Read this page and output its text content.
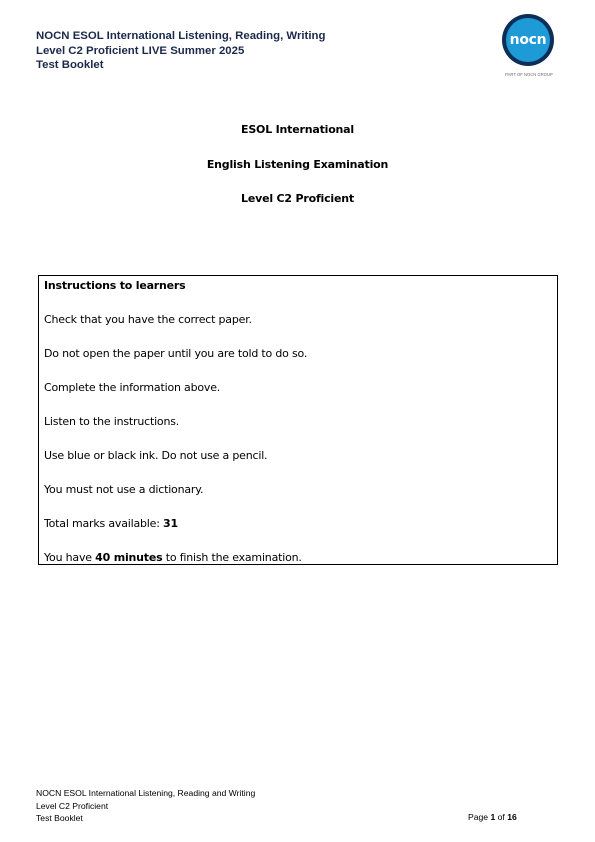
NOCN ESOL International Listening, Reading, Writing
Level C2 Proficient LIVE Summer 2025
Test Booklet
nocn
PART OF NOCN GROUP
ESOL International
English Listening Examination
Level C2 Proficient
Instructions to learners
Check that you have the correct paper.
Do not open the paper until you are told to do so.
Complete the information above.
Listen to the instructions.
Use blue or black ink. Do not use a pencil.
You must not use a dictionary.
Total marks available: 31
You have 40 minutes to finish the examination.
NOCN ESOL International Listening, Reading and Writing
Level C2 Proficient
Test Booklet	Page 1 of 16
